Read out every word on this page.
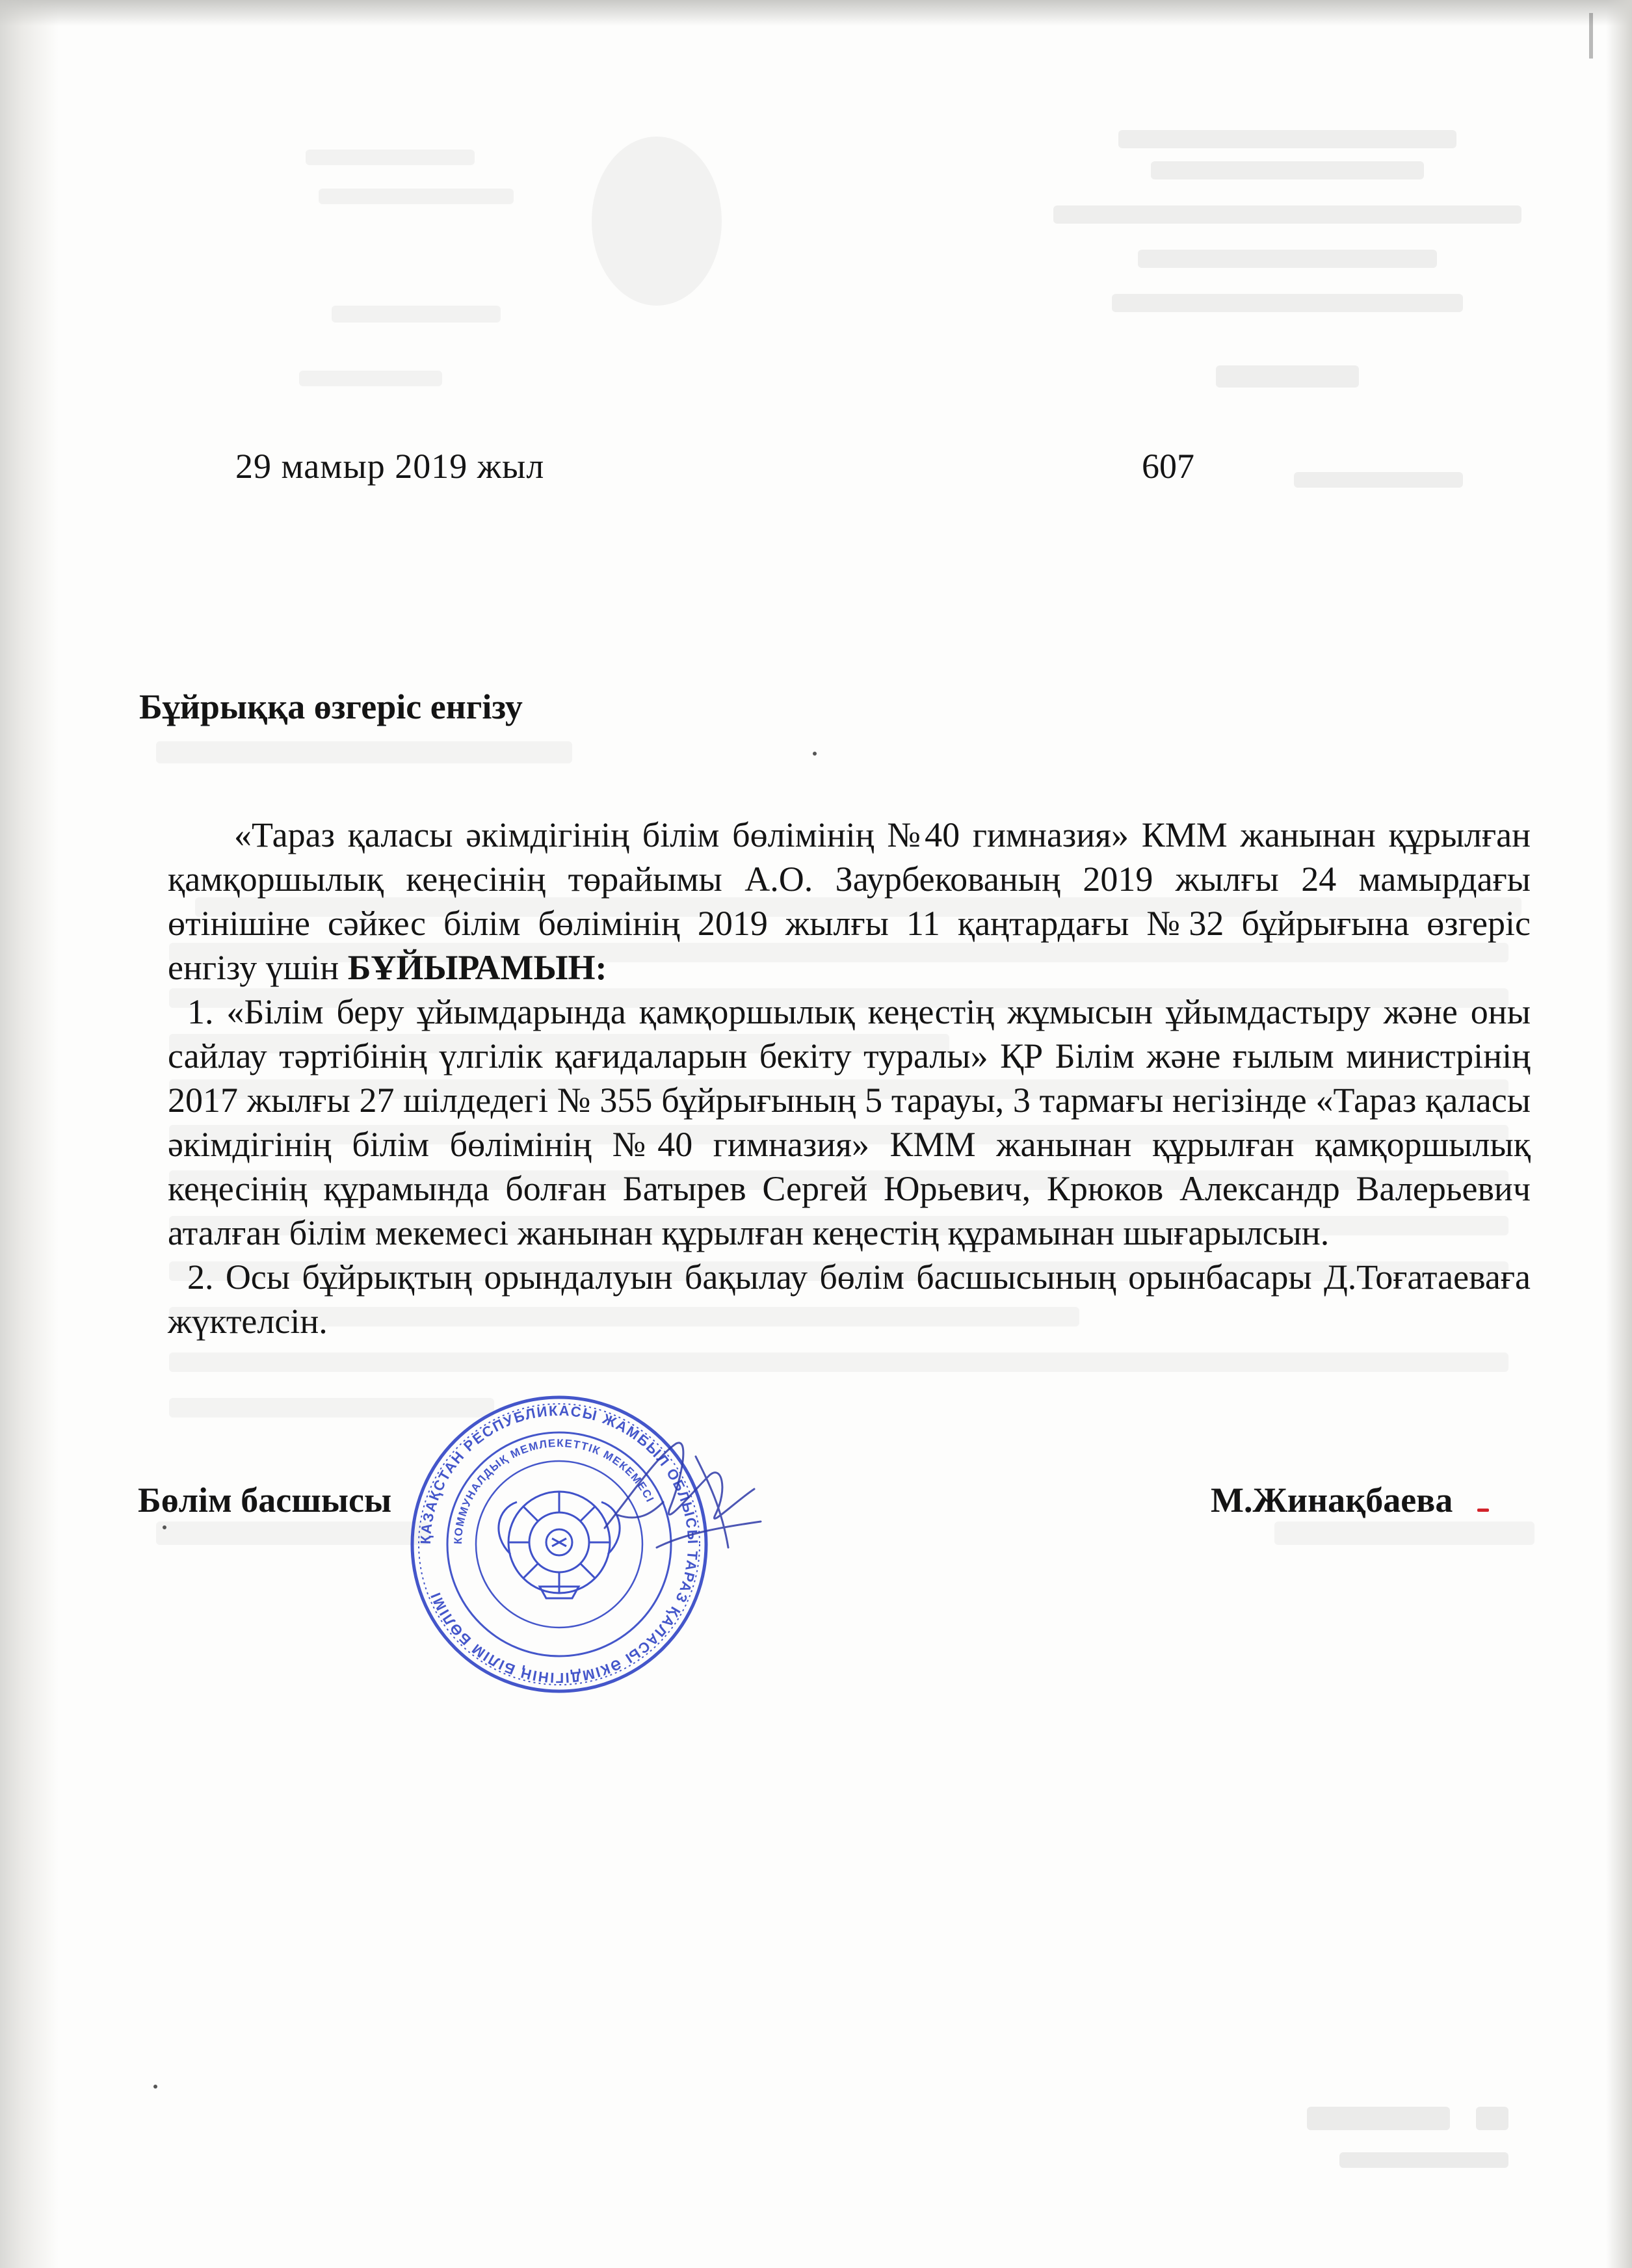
29 мамыр 2019 жыл	607
Бұйрыққа өзгеріс енгізу

«Тараз қаласы әкімдігінің білім бөлімінің №40 гимназия» КММ жанынан құрылған қамқоршылық кеңесінің төрайымы А.О. Заурбекованың 2019 жылғы 24 мамырдағы өтінішіне сәйкес білім бөлімінің 2019 жылғы 11 қаңтардағы №32 бұйрығына өзгеріс енгізу үшін БҰЙЫРАМЫН:

1. «Білім беру ұйымдарында қамқоршылық кеңестің жұмысын ұйымдастыру және оны сайлау тәртібінің үлгілік қағидаларын бекіту туралы» ҚР Білім және ғылым министрінің 2017 жылғы 27 шілдедегі № 355 бұйрығының 5 тарауы, 3 тармағы негізінде «Тараз қаласы әкімдігінің білім бөлімінің №40 гимназия» КММ жанынан құрылған қамқоршылық кеңесінің құрамында болған Батырев Сергей Юрьевич, Крюков Александр Валерьевич аталған білім мекемесі жанынан құрылған кеңестің құрамынан шығарылсын.

2. Осы бұйрықтың орындалуын бақылау бөлім басшысының орынбасары Д.Тоғатаеваға жүктелсін.

Бөлім басшысы	М.Жинақбаева
ҚАЗАҚСТАН РЕСПУБЛИКАСЫ ЖАМБЫЛ ОБЛЫСЫ ТАРАЗ ҚАЛАСЫ ӘКІМДІГІНІҢ БІЛІМ БӨЛІМІ
КОММУНАЛДЫҚ МЕМЛЕКЕТТІК МЕКЕМЕСІ
